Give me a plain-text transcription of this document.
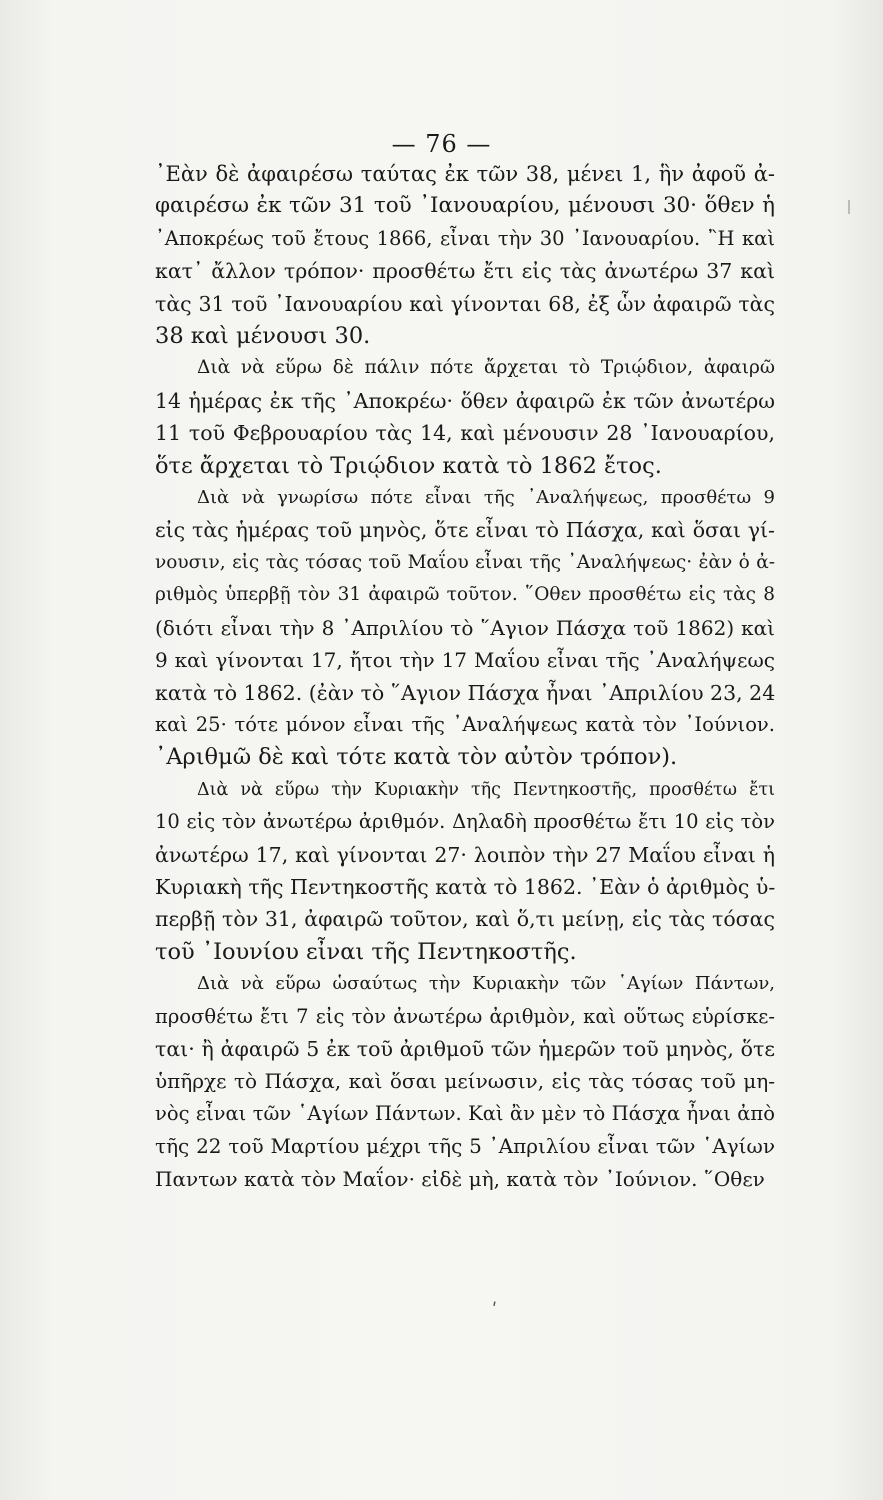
— 76 —

᾿Εὰν δὲ ἀφαιρέσω ταύτας ἐκ τῶν 38, μένει 1, ἣν ἀφοῦ ἀ-
φαιρέσω ἐκ τῶν 31 τοῦ ᾿Ιανουαρίου, μένουσι 30· ὅθεν ἡ
᾿Αποκρέως τοῦ ἔτους 1866, εἶναι τὴν 30 ᾿Ιανουαρίου. ῍Η καὶ
κατ᾿ ἄλλον τρόπον· προσθέτω ἔτι εἰς τὰς ἀνωτέρω 37 καὶ
τὰς 31 τοῦ ᾿Ιανουαρίου καὶ γίνονται 68, ἐξ ὧν ἀφαιρῶ τὰς
38 καὶ μένουσι 30.

Διὰ νὰ εὕρω δὲ πάλιν πότε ἄρχεται τὸ Τριῴδιον, ἀφαιρῶ
14 ἡμέρας ἐκ τῆς ᾿Αποκρέω· ὅθεν ἀφαιρῶ ἐκ τῶν ἀνωτέρω
11 τοῦ Φεβρουαρίου τὰς 14, καὶ μένουσιν 28 ᾿Ιανουαρίου,
ὅτε ἄρχεται τὸ Τριῴδιον κατὰ τὸ 1862 ἔτος.

Διὰ νὰ γνωρίσω πότε εἶναι τῆς ᾿Αναλήψεως, προσθέτω 9
εἰς τὰς ἡμέρας τοῦ μηνὸς, ὅτε εἶναι τὸ Πάσχα, καὶ ὅσαι γί-
νουσιν, εἰς τὰς τόσας τοῦ Μαΐου εἶναι τῆς ᾿Αναλήψεως· ἐὰν ὁ ἀ-
ριθμὸς ὑπερβῇ τὸν 31 ἀφαιρῶ τοῦτον. ῞Οθεν προσθέτω εἰς τὰς 8
(διότι εἶναι τὴν 8 ᾿Απριλίου τὸ ῞Αγιον Πάσχα τοῦ 1862) καὶ
9 καὶ γίνονται 17, ἤτοι τὴν 17 Μαΐου εἶναι τῆς ᾿Αναλήψεως
κατὰ τὸ 1862. (ἐὰν τὸ ῞Αγιον Πάσχα ἦναι ᾿Απριλίου 23, 24
καὶ 25· τότε μόνον εἶναι τῆς ᾿Αναλήψεως κατὰ τὸν ᾿Ιούνιον.
᾿Αριθμῶ δὲ καὶ τότε κατὰ τὸν αὐτὸν τρόπον).

Διὰ νὰ εὕρω τὴν Κυριακὴν τῆς Πεντηκοστῆς, προσθέτω ἔτι
10 εἰς τὸν ἀνωτέρω ἀριθμόν. Δηλαδὴ προσθέτω ἔτι 10 εἰς τὸν
ἀνωτέρω 17, καὶ γίνονται 27· λοιπὸν τὴν 27 Μαΐου εἶναι ἡ
Κυριακὴ τῆς Πεντηκοστῆς κατὰ τὸ 1862. ᾿Εὰν ὁ ἀριθμὸς ὑ-
περβῇ τὸν 31, ἀφαιρῶ τοῦτον, καὶ ὅ,τι μείνῃ, εἰς τὰς τόσας
τοῦ ᾿Ιουνίου εἶναι τῆς Πεντηκοστῆς.

Διὰ νὰ εὕρω ὡσαύτως τὴν Κυριακὴν τῶν ῾Αγίων Πάντων,
προσθέτω ἔτι 7 εἰς τὸν ἀνωτέρω ἀριθμὸν, καὶ οὕτως εὑρίσκε-
ται· ἢ ἀφαιρῶ 5 ἐκ τοῦ ἀριθμοῦ τῶν ἡμερῶν τοῦ μηνὸς, ὅτε
ὑπῆρχε τὸ Πάσχα, καὶ ὅσαι μείνωσιν, εἰς τὰς τόσας τοῦ μη-
νὸς εἶναι τῶν ῾Αγίων Πάντων. Καὶ ἂν μὲν τὸ Πάσχα ἦναι ἀπὸ
τῆς 22 τοῦ Μαρτίου μέχρι τῆς 5 ᾿Απριλίου εἶναι τῶν ῾Αγίων
Παντων κατὰ τὸν Μαΐον· εἰδὲ μὴ, κατὰ τὸν ᾿Ιούνιον. ῞Οθεν

ʹ
